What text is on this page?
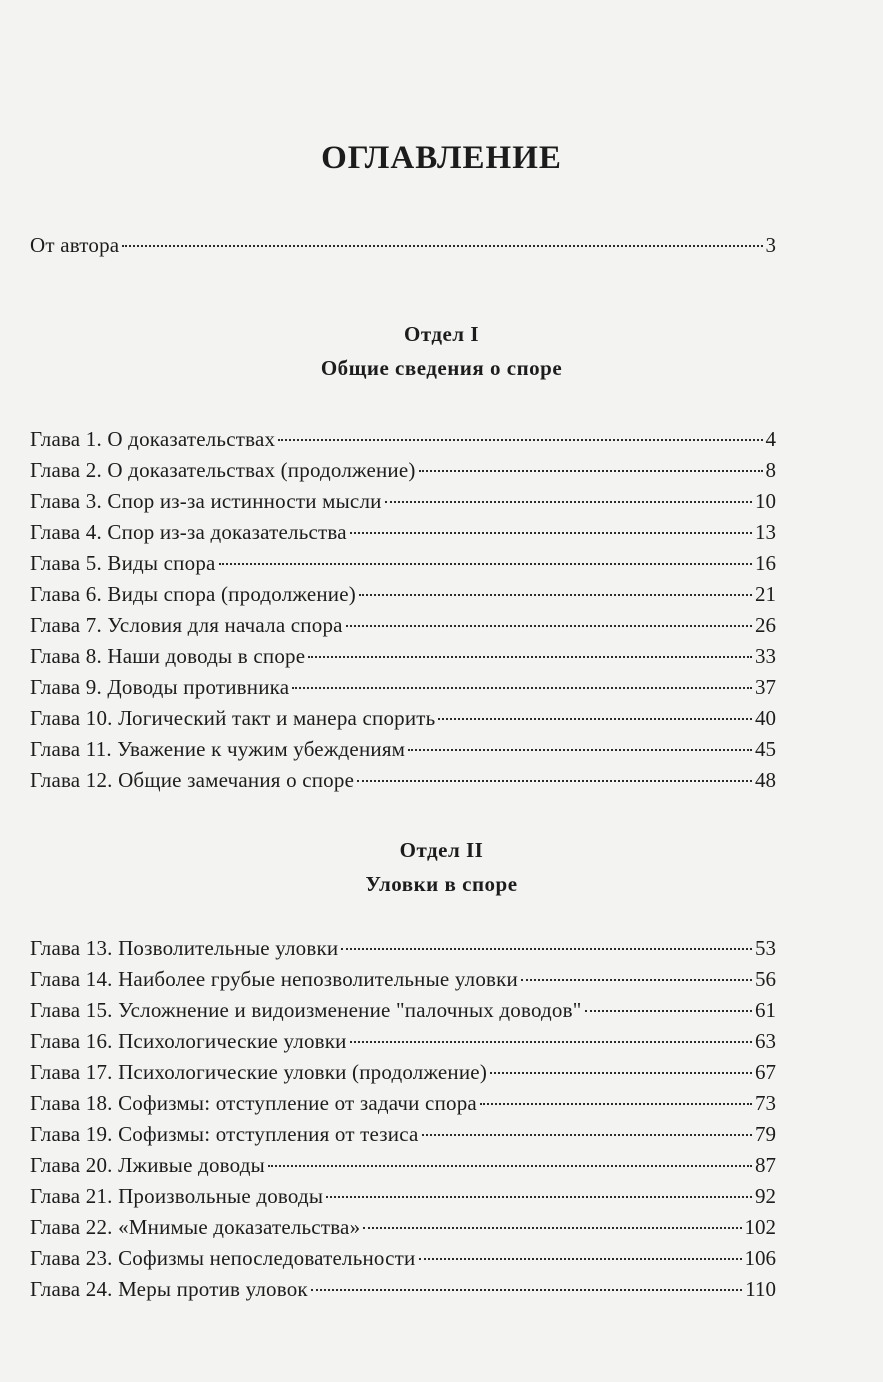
ОГЛАВЛЕНИЕ
От автора	3
Отдел I
Общие сведения о споре
Глава 1. О доказательствах	4
Глава 2. О доказательствах (продолжение)	8
Глава 3. Спор из-за истинности мысли	10
Глава 4. Спор из-за доказательства	13
Глава 5. Виды спора	16
Глава 6. Виды спора (продолжение)	21
Глава 7. Условия для начала спора	26
Глава 8. Наши доводы в споре	33
Глава 9. Доводы противника	37
Глава 10. Логический такт и манера спорить	40
Глава 11. Уважение к чужим убеждениям	45
Глава 12. Общие замечания о споре	48
Отдел II
Уловки в споре
Глава 13. Позволительные уловки	53
Глава 14. Наиболее грубые непозволительные уловки	56
Глава 15. Усложнение и видоизменение "палочных доводов"	61
Глава 16. Психологические уловки	63
Глава 17. Психологические уловки (продолжение)	67
Глава 18. Софизмы: отступление от задачи спора	73
Глава 19. Софизмы: отступления от тезиса	79
Глава 20. Лживые доводы	87
Глава 21. Произвольные доводы	92
Глава 22. «Мнимые доказательства»	102
Глава 23. Софизмы непоследовательности	106
Глава 24. Меры против уловок	110
